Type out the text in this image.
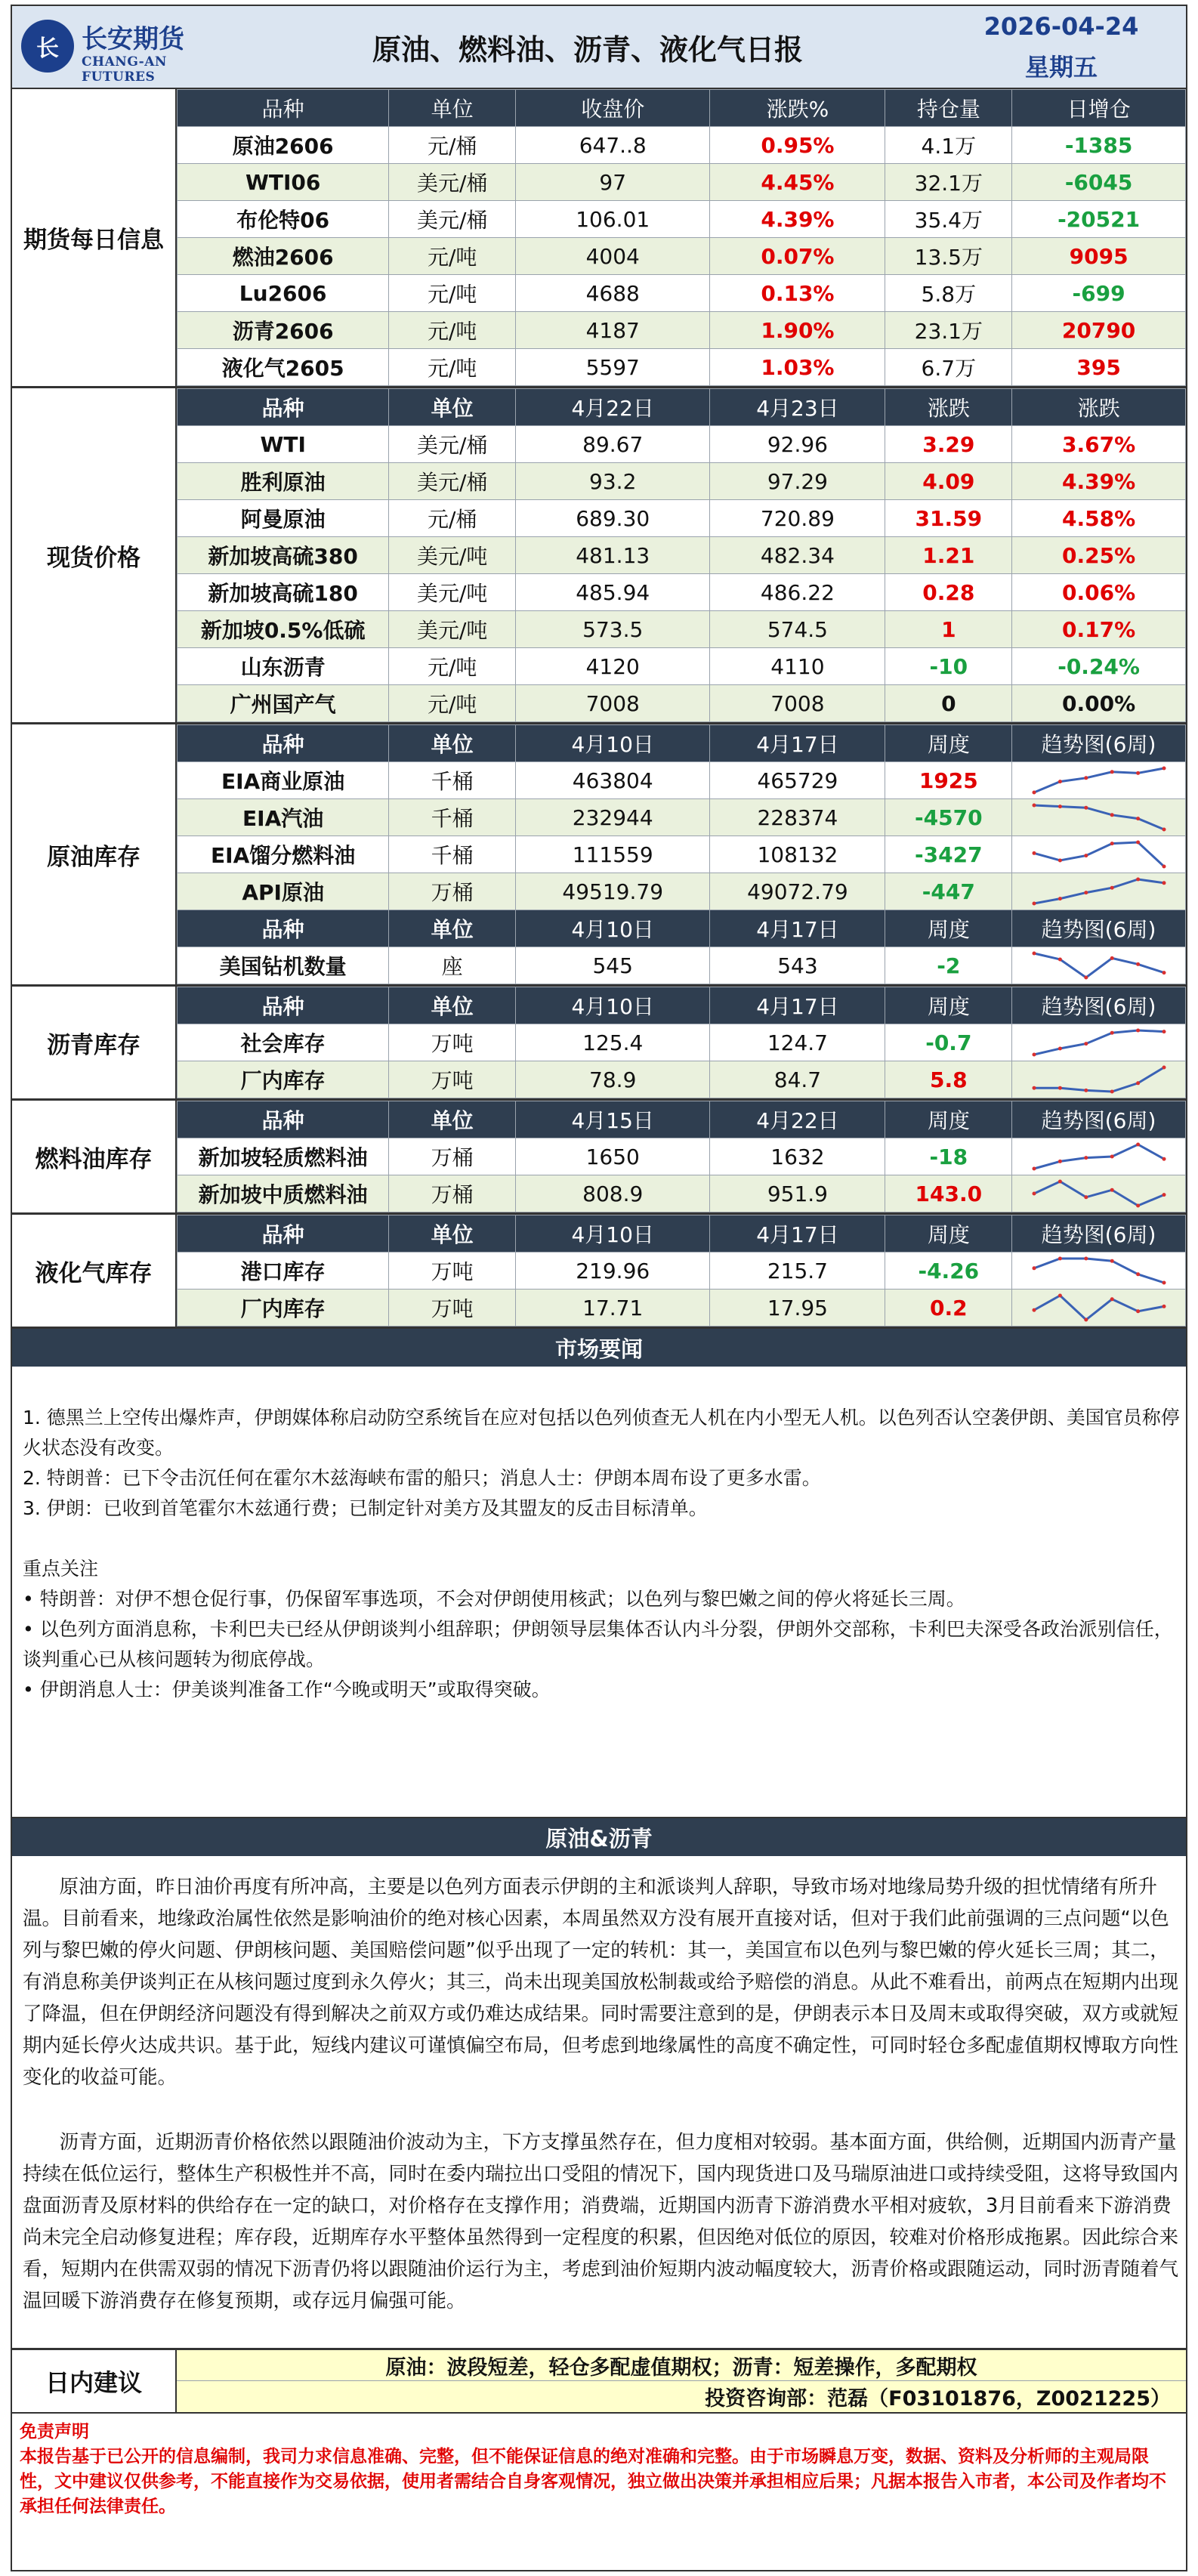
长 长安期货
CHANG-AN FUTURES
原油、燃料油、沥青、液化气日报
2026-04-24
星期五
期货每日信息
品种	单位	收盘价	涨跌%	持仓量	日增仓
原油2606	元/桶	647..8	0.95%	4.1万	-1385
WTI06	美元/桶	97	4.45%	32.1万	-6045
布伦特06	美元/桶	106.01	4.39%	35.4万	-20521
燃油2606	元/吨	4004	0.07%	13.5万	9095
Lu2606	元/吨	4688	0.13%	5.8万	-699
沥青2606	元/吨	4187	1.90%	23.1万	20790
液化气2605	元/吨	5597	1.03%	6.7万	395
现货价格
品种	单位	4月22日	4月23日	涨跌	涨跌
WTI	美元/桶	89.67	92.96	3.29	3.67%
胜利原油	美元/桶	93.2	97.29	4.09	4.39%
阿曼原油	元/桶	689.30	720.89	31.59	4.58%
新加坡高硫380	美元/吨	481.13	482.34	1.21	0.25%
新加坡高硫180	美元/吨	485.94	486.22	0.28	0.06%
新加坡0.5%低硫	美元/吨	573.5	574.5	1	0.17%
山东沥青	元/吨	4120	4110	-10	-0.24%
广州国产气	元/吨	7008	7008	0	0.00%
原油库存
品种	单位	4月10日	4月17日	周度	趋势图(6周)
EIA商业原油	千桶	463804	465729	1925	

EIA汽油	千桶	232944	228374	-4570	

EIA馏分燃料油	千桶	111559	108132	-3427	

API原油	万桶	49519.79	49072.79	-447	

品种	单位	4月10日	4月17日	周度	趋势图(6周)
美国钻机数量	座	545	543	-2	
沥青库存
品种	单位	4月10日	4月17日	周度	趋势图(6周)
社会库存	万吨	125.4	124.7	-0.7	

厂内库存	万吨	78.9	84.7	5.8	
燃料油库存
品种	单位	4月15日	4月22日	周度	趋势图(6周)
新加坡轻质燃料油	万桶	1650	1632	-18	

新加坡中质燃料油	万桶	808.9	951.9	143.0	
液化气库存
品种	单位	4月10日	4月17日	周度	趋势图(6周)
港口库存	万吨	219.96	215.7	-4.26	

厂内库存	万吨	17.71	17.95	0.2	
市场要闻

1. 德黑兰上空传出爆炸声，伊朗媒体称启动防空系统旨在应对包括以色列侦查无人机在内小型无人机。以色列否认空袭伊朗、美国官员称停火状态没有改变。

2. 特朗普：已下令击沉任何在霍尔木兹海峡布雷的船只；消息人士：伊朗本周布设了更多水雷。

3. 伊朗：已收到首笔霍尔木兹通行费；已制定针对美方及其盟友的反击目标清单。

重点关注

• 特朗普：对伊不想仓促行事，仍保留军事选项，不会对伊朗使用核武；以色列与黎巴嫩之间的停火将延长三周。

• 以色列方面消息称，卡利巴夫已经从伊朗谈判小组辞职；伊朗领导层集体否认内斗分裂，伊朗外交部称，卡利巴夫深受各政治派别信任，谈判重心已从核问题转为彻底停战。

• 伊朗消息人士：伊美谈判准备工作“今晚或明天”或取得突破。

原油&沥青

原油方面，昨日油价再度有所冲高，主要是以色列方面表示伊朗的主和派谈判人辞职，导致市场对地缘局势升级的担忧情绪有所升温。目前看来，地缘政治属性依然是影响油价的绝对核心因素，本周虽然双方没有展开直接对话，但对于我们此前强调的三点问题“以色列与黎巴嫩的停火问题、伊朗核问题、美国赔偿问题”似乎出现了一定的转机：其一，美国宣布以色列与黎巴嫩的停火延长三周；其二，有消息称美伊谈判正在从核问题过度到永久停火；其三，尚未出现美国放松制裁或给予赔偿的消息。从此不难看出，前两点在短期内出现了降温，但在伊朗经济问题没有得到解决之前双方或仍难达成结果。同时需要注意到的是，伊朗表示本日及周末或取得突破，双方或就短期内延长停火达成共识。基于此，短线内建议可谨慎偏空布局，但考虑到地缘属性的高度不确定性，可同时轻仓多配虚值期权博取方向性变化的收益可能。

沥青方面，近期沥青价格依然以跟随油价波动为主，下方支撑虽然存在，但力度相对较弱。基本面方面，供给侧，近期国内沥青产量持续在低位运行，整体生产积极性并不高，同时在委内瑞拉出口受阻的情况下，国内现货进口及马瑞原油进口或持续受阻，这将导致国内盘面沥青及原材料的供给存在一定的缺口，对价格存在支撑作用；消费端，近期国内沥青下游消费水平相对疲软，3月目前看来下游消费尚未完全启动修复进程；库存段，近期库存水平整体虽然得到一定程度的积累，但因绝对低位的原因，较难对价格形成拖累。因此综合来看，短期内在供需双弱的情况下沥青仍将以跟随油价运行为主，考虑到油价短期内波动幅度较大，沥青价格或跟随运动，同时沥青随着气温回暖下游消费存在修复预期，或存远月偏强可能。

日内建议
原油：波段短差，轻仓多配虚值期权；沥青：短差操作，多配期权
投资咨询部：范磊（F03101876，Z0021225）
免责声明
本报告基于已公开的信息编制，我司力求信息准确、完整，但不能保证信息的绝对准确和完整。由于市场瞬息万变，数据、资料及分析师的主观局限性，文中建议仅供参考，不能直接作为交易依据，使用者需结合自身客观情况，独立做出决策并承担相应后果；凡据本报告入市者，本公司及作者均不承担任何法律责任。
